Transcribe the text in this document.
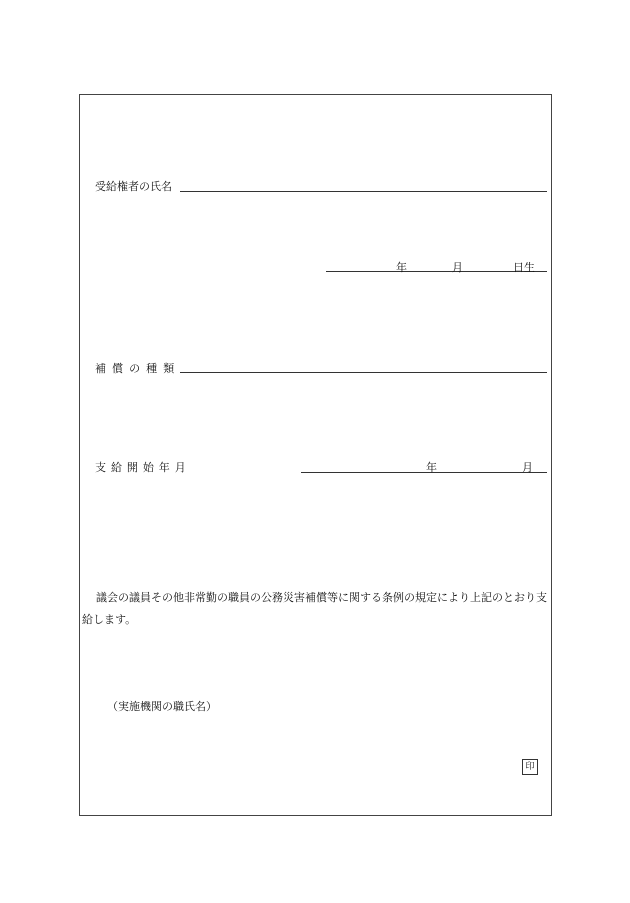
受給権者の氏名
年	月	日生
補償の種類
支給開始年月	年	月

議会の議員その他非常勤の職員の公務災害補償等に関する条例の規定により上記のとおり支給します。

（実施機関の職氏名）
印
